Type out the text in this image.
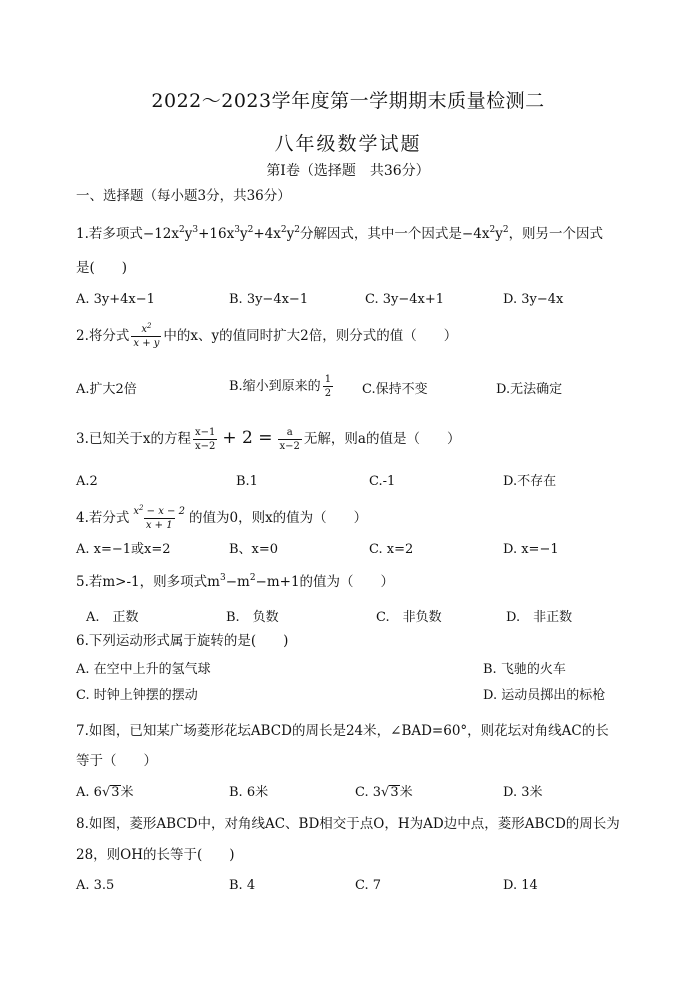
2022～2023学年度第一学期期末质量检测二
八年级数学试题
第Ⅰ卷（选择题　共36分）
一、选择题（每小题3分，共36分）
1.若多项式$-12x^2y^3+16x^3y^2+4x^2y^2$分解因式，其中一个因式是$-4x^2y^2$，则另一个因式
是(　　)
A. 3y+4x−1	B. 3y−4x−1	C. 3y−4x+1	D. 3y−4x
2.将分式 $\frac{x^2}{x + y}$ 中的x、y的值同时扩大2倍，则分式的值（　　）
A.扩大2倍	B.缩小到原来的 $\frac{1}{2} C$.保持不变	D.无法确定
3.已知关于x的方程 $\frac{x-1}{x-2} + 2 = \frac{a}{x-2}$ 无解，则a的值是（　　）
A.2	B.1	C.-1	D.不存在
4.若分式 $\frac{x^2 - x - 2}{x + 1}$ 的值为0，则x的值为（　　）
A. x=−1或x=2	B、x=0	C. x=2	D. x=−1
5.若m>-1，则多项式$m^3-m^2-m+1$的值为（　　）
A.　正数	B.　负数	C.　非负数	D.　非正数
6.下列运动形式属于旋转的是(　　)
A. 在空中上升的氢气球	B. 飞驰的火车
C. 时钟上钟摆的摆动	D. 运动员掷出的标枪
7.如图，已知某广场菱形花坛ABCD的周长是24米，∠BAD=60°，则花坛对角线AC的长
等于（　　）
A. 6√3米	B. 6米	C. 3√3米	D. 3米
8.如图，菱形ABCD中，对角线AC、BD相交于点O，H为AD边中点，菱形ABCD的周长为
28，则OH的长等于(　　)
A. 3.5	B. 4	C. 7	D. 14
